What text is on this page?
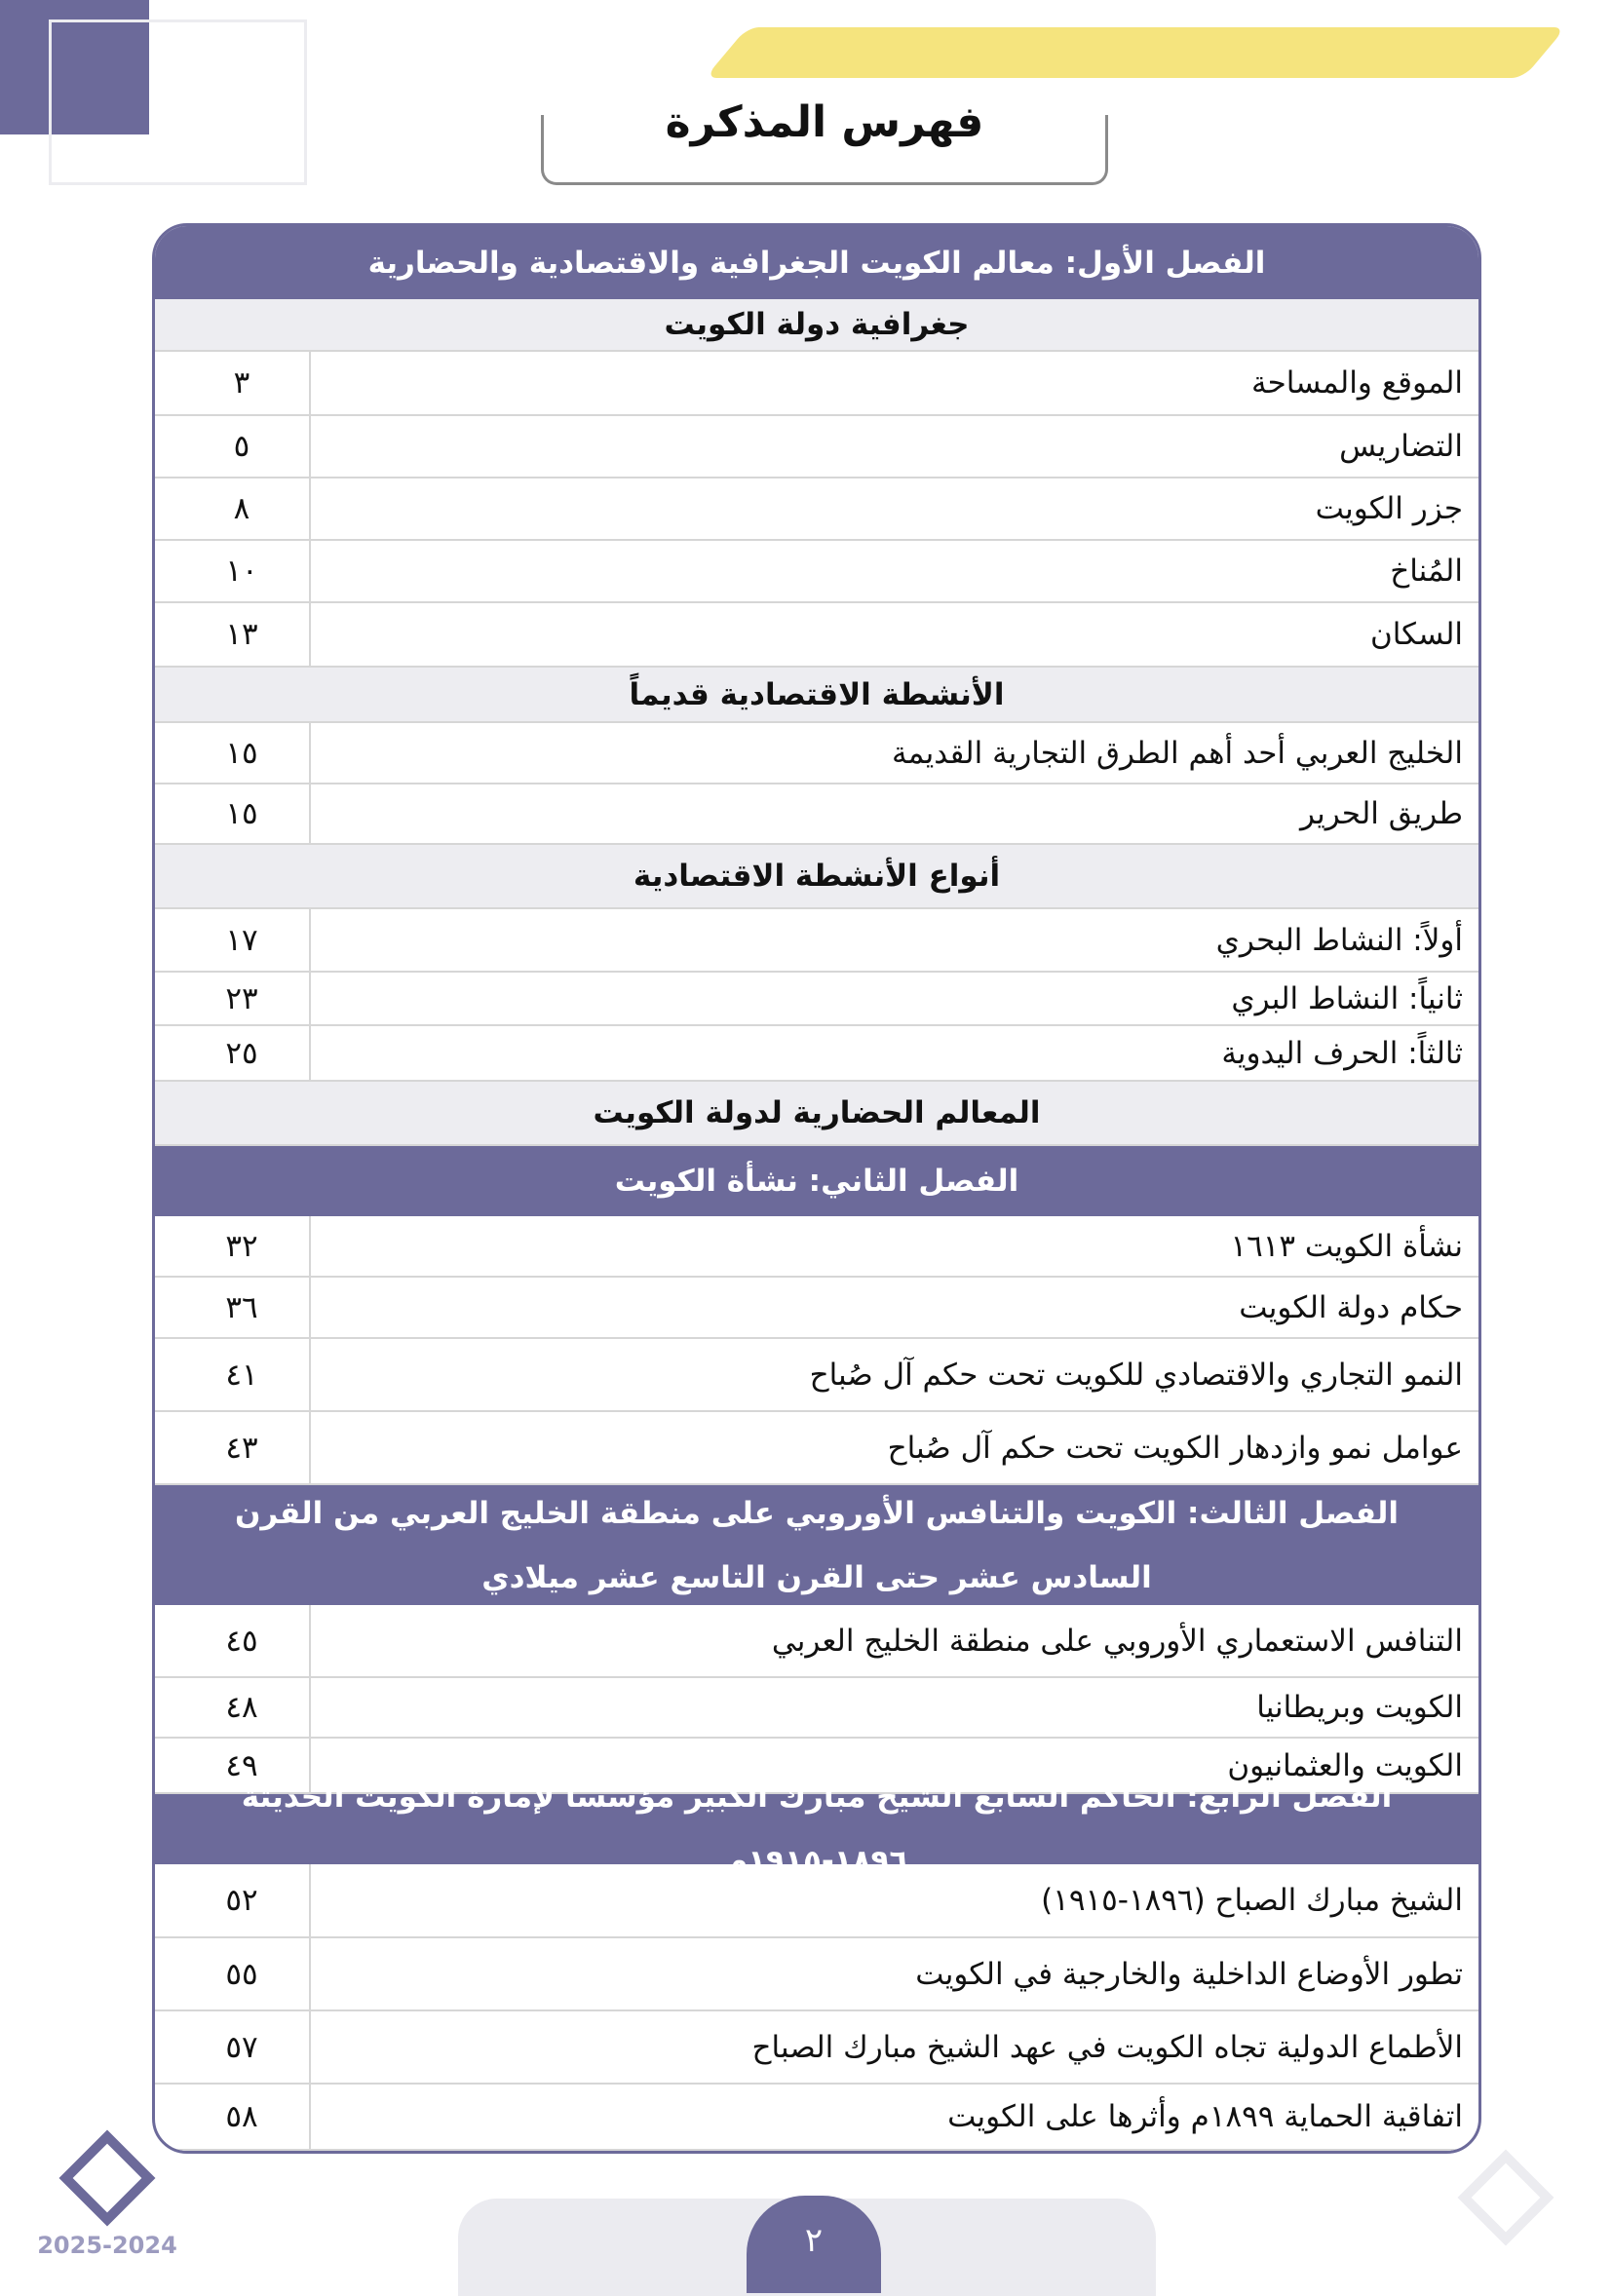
فهرس المذكرة
الفصل الأول: معالم الكويت الجغرافية والاقتصادية والحضارية
جغرافية دولة الكويت
الموقع والمساحة
٣
التضاريس
٥
جزر الكويت
٨
المُناخ
١٠
السكان
١٣
الأنشطة الاقتصادية قديماً
الخليج العربي أحد أهم الطرق التجارية القديمة
١٥
طريق الحرير
١٥
أنواع الأنشطة الاقتصادية
أولاً: النشاط البحري
١٧
ثانياً: النشاط البري
٢٣
ثالثاً: الحرف اليدوية
٢٥
المعالم الحضارية لدولة الكويت
الفصل الثاني: نشأة الكويت
نشأة الكويت ١٦١٣
٣٢
حكام دولة الكويت
٣٦
النمو التجاري والاقتصادي للكويت تحت حكم آل صُباح
٤١
عوامل نمو وازدهار الكويت تحت حكم آل صُباح
٤٣
الفصل الثالث: الكويت والتنافس الأوروبي على منطقة الخليج العربي من القرن السادس عشر حتى القرن التاسع عشر ميلادي
التنافس الاستعماري الأوروبي على منطقة الخليج العربي
٤٥
الكويت وبريطانيا
٤٨
الكويت والعثمانيون
٤٩
الفصل الرابع: الحاكم السابع الشيخ مبارك الكبير مؤسساً لإمارة الكويت الحديثة ١٨٩٦-١٩١٥م
الشيخ مبارك الصباح (١٨٩٦-١٩١٥)
٥٢
تطور الأوضاع الداخلية والخارجية في الكويت
٥٥
الأطماع الدولية تجاه الكويت في عهد الشيخ مبارك الصباح
٥٧
اتفاقية الحماية ١٨٩٩م وأثرها على الكويت
٥٨
٢
2025-2024
